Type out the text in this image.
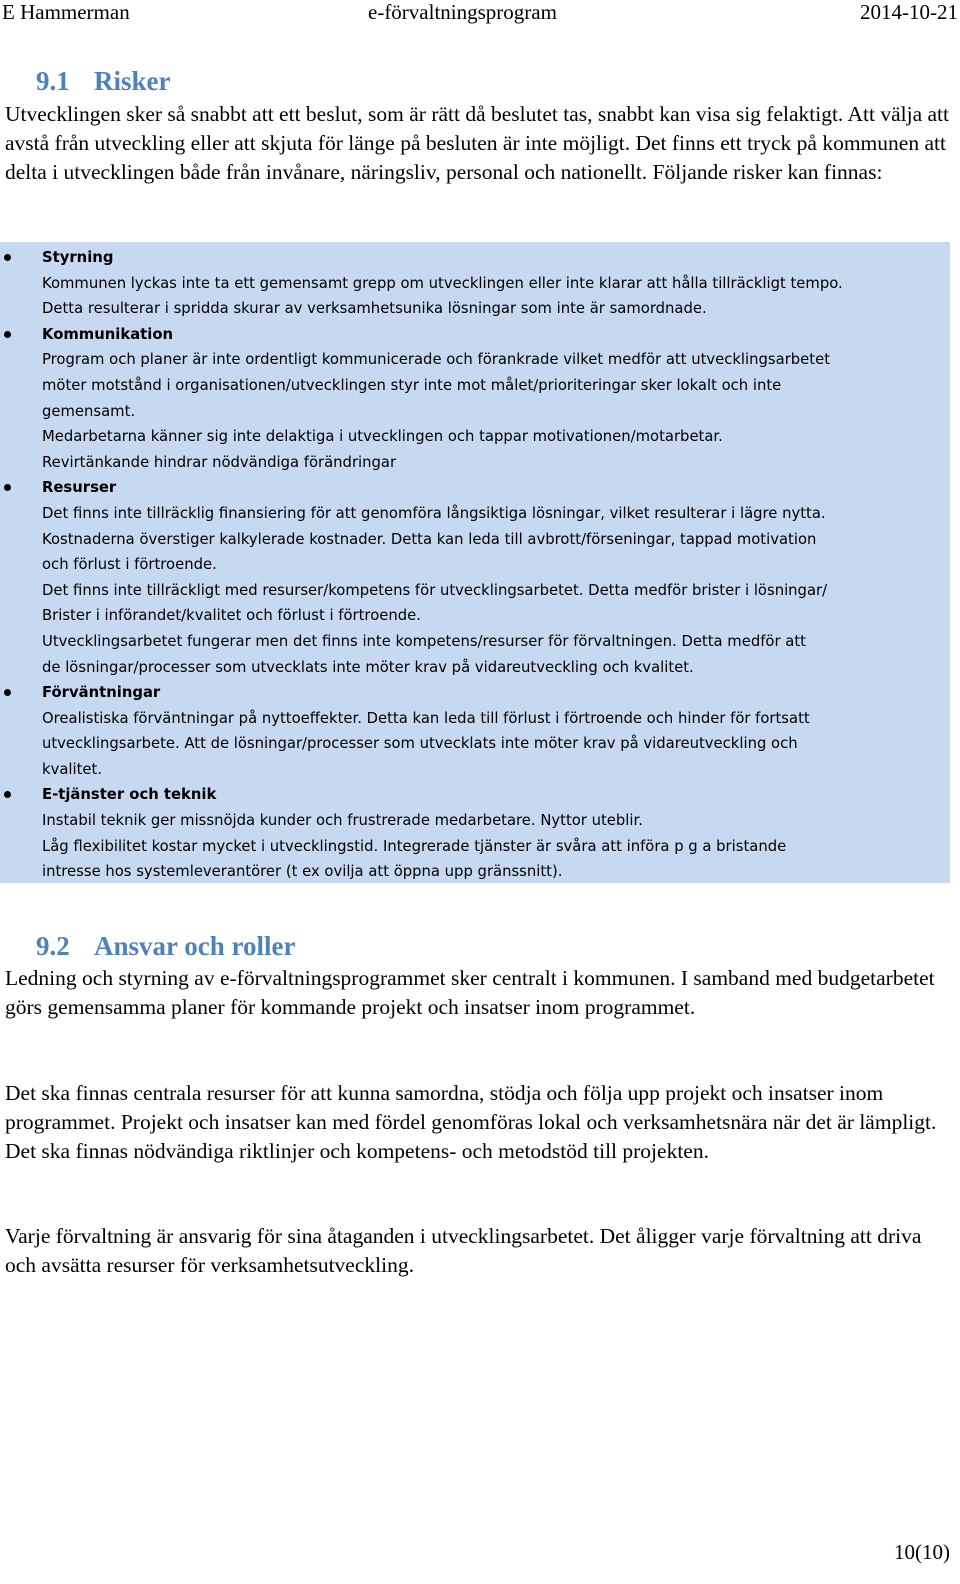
E Hammerman	e-förvaltningsprogram	2014-10-21
9.1 Risker

Utvecklingen sker så snabbt att ett beslut, som är rätt då beslutet tas, snabbt kan visa sig felaktigt. Att välja att avstå från utveckling eller att skjuta för länge på besluten är inte möjligt. Det finns ett tryck på kommunen att delta i utvecklingen både från invånare, näringsliv, personal och nationellt. Följande risker kan finnas:

Styrning
Kommunen lyckas inte ta ett gemensamt grepp om utvecklingen eller inte klarar att hålla tillräckligt tempo.
Detta resulterar i spridda skurar av verksamhetsunika lösningar som inte är samordnade.
Kommunikation
Program och planer är inte ordentligt kommunicerade och förankrade vilket medför att utvecklingsarbetet
möter motstånd i organisationen/utvecklingen styr inte mot målet/prioriteringar sker lokalt och inte
gemensamt.
Medarbetarna känner sig inte delaktiga i utvecklingen och tappar motivationen/motarbetar.
Revirtänkande hindrar nödvändiga förändringar
Resurser
Det finns inte tillräcklig finansiering för att genomföra långsiktiga lösningar, vilket resulterar i lägre nytta.
Kostnaderna överstiger kalkylerade kostnader. Detta kan leda till avbrott/förseningar, tappad motivation
och förlust i förtroende.
Det finns inte tillräckligt med resurser/kompetens för utvecklingsarbetet. Detta medför brister i lösningar/
Brister i införandet/kvalitet och förlust i förtroende.
Utvecklingsarbetet fungerar men det finns inte kompetens/resurser för förvaltningen. Detta medför att
de lösningar/processer som utvecklats inte möter krav på vidareutveckling och kvalitet.
Förväntningar
Orealistiska förväntningar på nyttoeffekter. Detta kan leda till förlust i förtroende och hinder för fortsatt
utvecklingsarbete. Att de lösningar/processer som utvecklats inte möter krav på vidareutveckling och
kvalitet.
E-tjänster och teknik
Instabil teknik ger missnöjda kunder och frustrerade medarbetare. Nyttor uteblir.
Låg flexibilitet kostar mycket i utvecklingstid. Integrerade tjänster är svåra att införa p g a bristande
intresse hos systemleverantörer (t ex ovilja att öppna upp gränssnitt).
9.2 Ansvar och roller

Ledning och styrning av e-förvaltningsprogrammet sker centralt i kommunen. I samband med budgetarbetet görs gemensamma planer för kommande projekt och insatser inom programmet.

Det ska finnas centrala resurser för att kunna samordna, stödja och följa upp projekt och insatser inom programmet. Projekt och insatser kan med fördel genomföras lokal och verksamhetsnära när det är lämpligt. Det ska finnas nödvändiga riktlinjer och kompetens- och metodstöd till projekten.

Varje förvaltning är ansvarig för sina åtaganden i utvecklingsarbetet. Det åligger varje förvaltning att driva och avsätta resurser för verksamhetsutveckling.

10(10)
